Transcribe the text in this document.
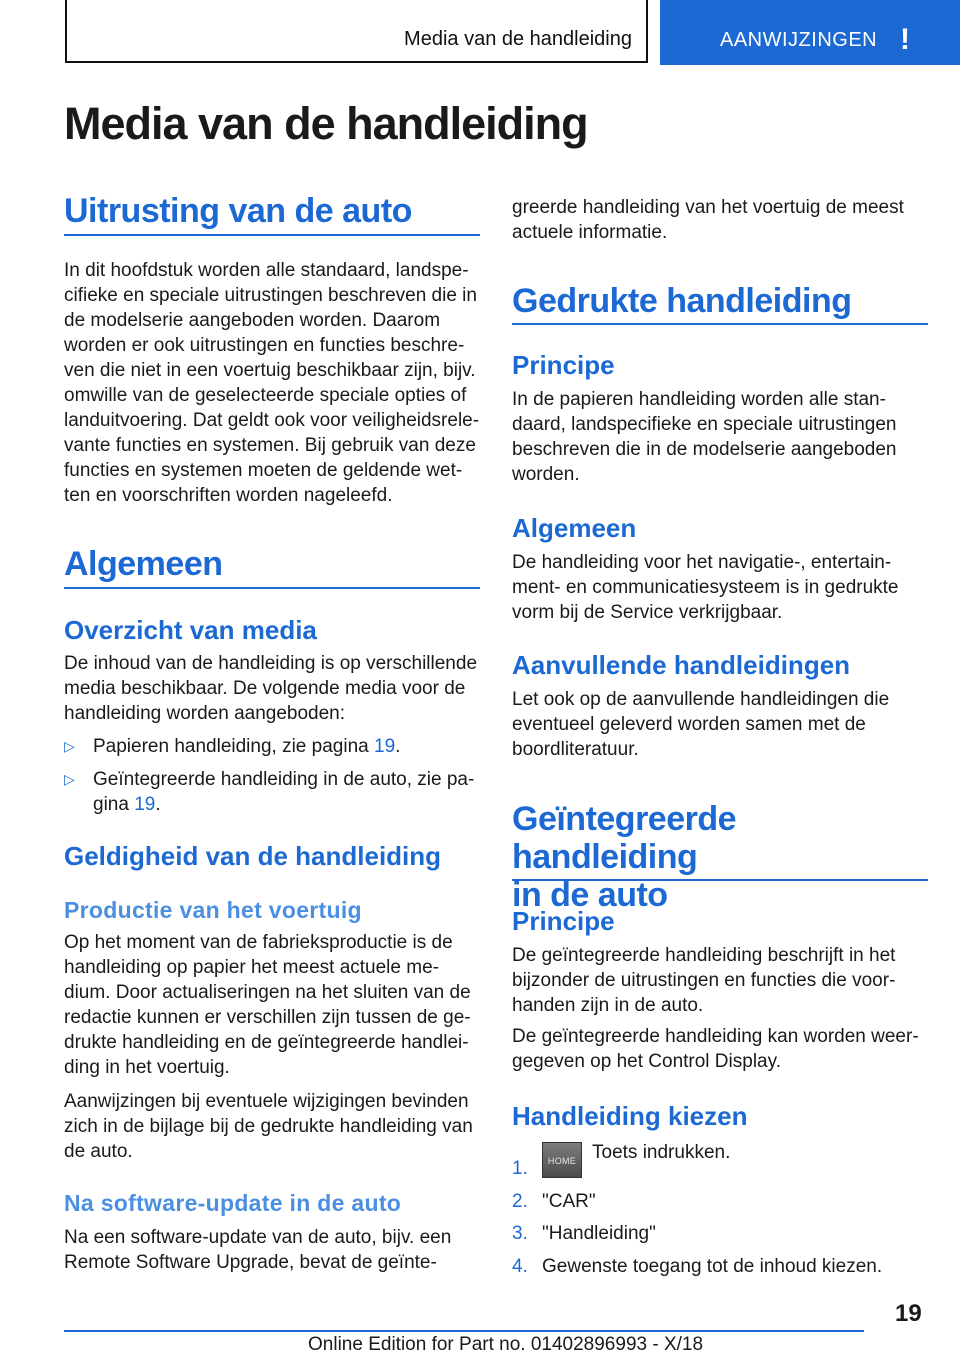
Media van de handleiding	AANWIJZINGEN !
Media van de handleiding
Uitrusting van de auto
In dit hoofdstuk worden alle standaard, landspe-
cifieke en speciale uitrustingen beschreven die in
de modelserie aangeboden worden. Daarom
worden er ook uitrustingen en functies beschre-
ven die niet in een voertuig beschikbaar zijn, bijv.
omwille van de geselecteerde speciale opties of
landuitvoering. Dat geldt ook voor veiligheidsrele-
vante functies en systemen. Bij gebruik van deze
functies en systemen moeten de geldende wet-
ten en voorschriften worden nageleefd.
Algemeen
Overzicht van media
De inhoud van de handleiding is op verschillende
media beschikbaar. De volgende media voor de
handleiding worden aangeboden:
▷ Papieren handleiding, zie pagina 19.
▷ Geïntegreerde handleiding in de auto, zie pa-
gina 19.
Geldigheid van de handleiding
Productie van het voertuig
Op het moment van de fabrieksproductie is de
handleiding op papier het meest actuele me-
dium. Door actualiseringen na het sluiten van de
redactie kunnen er verschillen zijn tussen de ge-
drukte handleiding en de geïntegreerde handlei-
ding in het voertuig.
Aanwijzingen bij eventuele wijzigingen bevinden
zich in de bijlage bij de gedrukte handleiding van
de auto.
Na software-update in de auto
Na een software-update van de auto, bijv. een
Remote Software Upgrade, bevat de geïnte-
greerde handleiding van het voertuig de meest
actuele informatie.
Gedrukte handleiding
Principe
In de papieren handleiding worden alle stan-
daard, landspecifieke en speciale uitrustingen
beschreven die in de modelserie aangeboden
worden.
Algemeen
De handleiding voor het navigatie-, entertain-
ment- en communicatiesysteem is in gedrukte
vorm bij de Service verkrijgbaar.
Aanvullende handleidingen
Let ook op de aanvullende handleidingen die
eventueel geleverd worden samen met de
boordliteratuur.
Geïntegreerde handleiding
in de auto
Principe
De geïntegreerde handleiding beschrijft in het
bijzonder de uitrustingen en functies die voor-
handen zijn in de auto.
De geïntegreerde handleiding kan worden weer-
gegeven op het Control Display.
Handleiding kiezen
1.	HOME Toets indrukken.
2. "CAR"
3. "Handleiding"
4. Gewenste toegang tot de inhoud kiezen.
19
Online Edition for Part no. 01402896993 - X/18
